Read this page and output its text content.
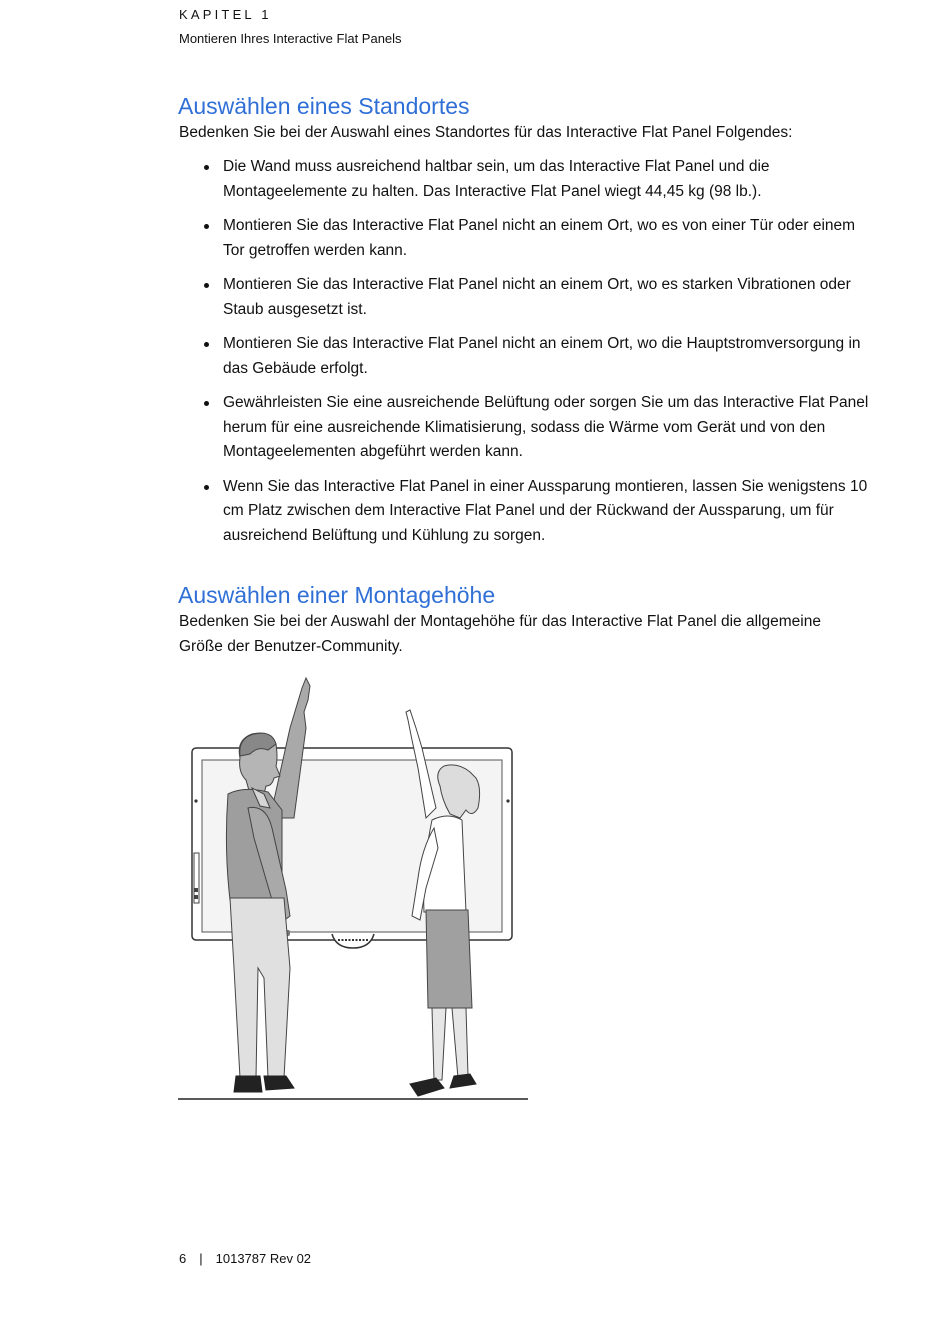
KAPITEL 1
Montieren Ihres Interactive Flat Panels
Auswählen eines Standortes

Bedenken Sie bei der Auswahl eines Standortes für das Interactive Flat Panel Folgendes:

Die Wand muss ausreichend haltbar sein, um das Interactive Flat Panel und die Montageelemente zu halten. Das Interactive Flat Panel wiegt 44,45 kg (98 lb.).
Montieren Sie das Interactive Flat Panel nicht an einem Ort, wo es von einer Tür oder einem Tor getroffen werden kann.
Montieren Sie das Interactive Flat Panel nicht an einem Ort, wo es starken Vibrationen oder Staub ausgesetzt ist.
Montieren Sie das Interactive Flat Panel nicht an einem Ort, wo die Hauptstromversorgung in das Gebäude erfolgt.
Gewährleisten Sie eine ausreichende Belüftung oder sorgen Sie um das Interactive Flat Panel herum für eine ausreichende Klimatisierung, sodass die Wärme vom Gerät und von den Montageelementen abgeführt werden kann.
Wenn Sie das Interactive Flat Panel in einer Aussparung montieren, lassen Sie wenigstens 10 cm Platz zwischen dem Interactive Flat Panel und der Rückwand der Aussparung, um für ausreichend Belüftung und Kühlung zu sorgen.
Auswählen einer Montagehöhe

Bedenken Sie bei der Auswahl der Montagehöhe für das Interactive Flat Panel die allgemeine Größe der Benutzer-Community.

6 | 1013787 Rev 02
